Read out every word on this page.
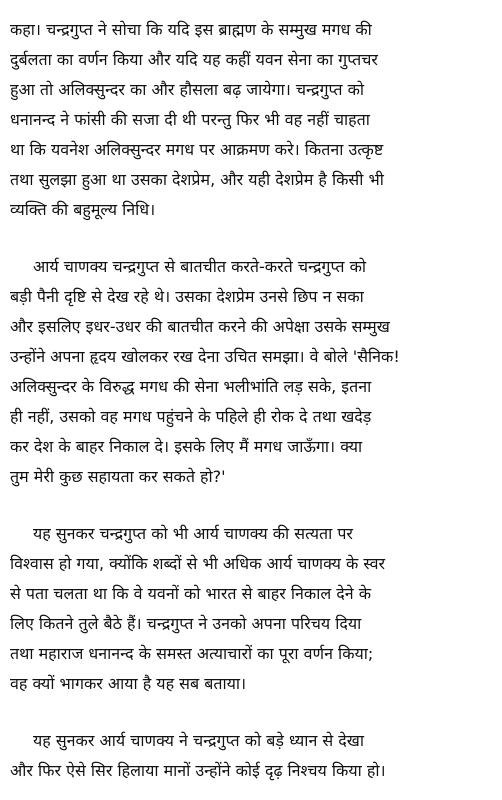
कहा। चन्द्रगुप्त ने सोचा कि यदि इस ब्राह्मण के सम्मुख मगध की
दुर्बलता का वर्णन किया और यदि यह कहीं यवन सेना का गुप्तचर
हुआ तो अलिक्सुन्दर का और हौसला बढ़ जायेगा। चन्द्रगुप्त को
धनानन्द ने फांसी की सजा दी थी परन्तु फिर भी वह नहीं चाहता
था कि यवनेश अलिक्सुन्दर मगध पर आक्रमण करे। कितना उत्कृष्ट
तथा सुलझा हुआ था उसका देशप्रेम, और यही देशप्रेम है किसी भी
व्यक्ति की बहुमूल्य निधि।
आर्य चाणक्य चन्द्रगुप्त से बातचीत करते-करते चन्द्रगुप्त को
बड़ी पैनी दृष्टि से देख रहे थे। उसका देशप्रेम उनसे छिप न सका
और इसलिए इधर-उधर की बातचीत करने की अपेक्षा उसके सम्मुख
उन्होंने अपना हृदय खोलकर रख देना उचित समझा। वे बोले 'सैनिक!
अलिक्सुन्दर के विरुद्ध मगध की सेना भलीभांति लड़ सके, इतना
ही नहीं, उसको वह मगध पहुंचने के पहिले ही रोक दे तथा खदेड़
कर देश के बाहर निकाल दे। इसके लिए मैं मगध जाऊँगा। क्या
तुम मेरी कुछ सहायता कर सकते हो?'
यह सुनकर चन्द्रगुप्त को भी आर्य चाणक्य की सत्यता पर
विश्वास हो गया, क्योंकि शब्दों से भी अधिक आर्य चाणक्य के स्वर
से पता चलता था कि वे यवनों को भारत से बाहर निकाल देने के
लिए कितने तुले बैठे हैं। चन्द्रगुप्त ने उनको अपना परिचय दिया
तथा महाराज धनानन्द के समस्त अत्याचारों का पूरा वर्णन किया;
वह क्यों भागकर आया है यह सब बताया।
यह सुनकर आर्य चाणक्य ने चन्द्रगुप्त को बड़े ध्यान से देखा
और फिर ऐसे सिर हिलाया मानों उन्होंने कोई दृढ़ निश्चय किया हो।
